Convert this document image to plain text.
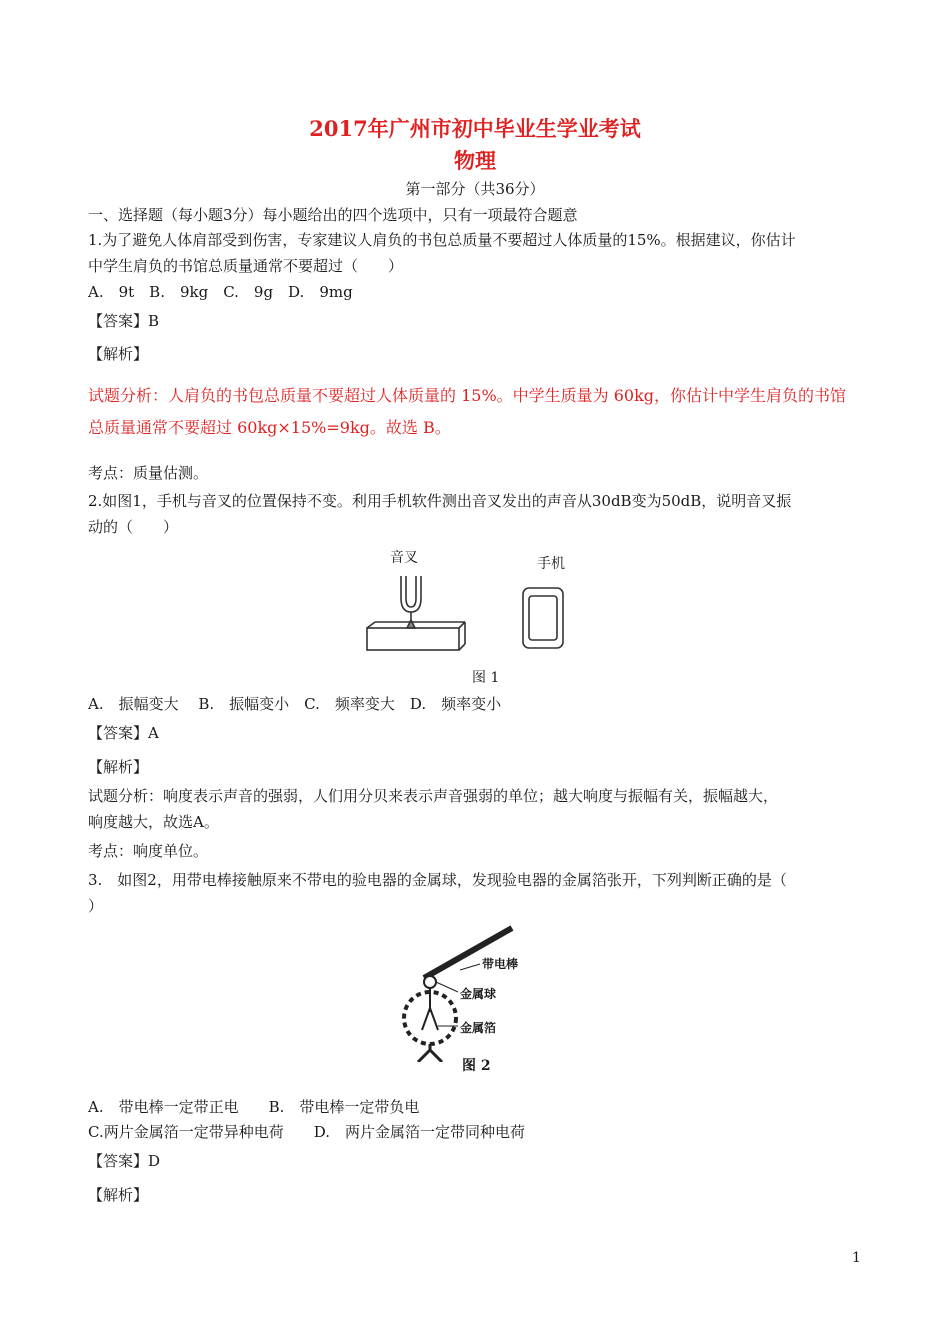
2017年广州市初中毕业生学业考试
物理
第一部分（共36分）
一、选择题（每小题3分）每小题给出的四个选项中，只有一项最符合题意
1.为了避免人体肩部受到伤害，专家建议人肩负的书包总质量不要超过人体质量的15%。根据建议，你估计
中学生肩负的书馆总质量通常不要超过（　　）
A.　9t　B.　9kg　C.　9g　D.　9mg
【答案】B
【解析】
试题分析：人肩负的书包总质量不要超过人体质量的 15%。中学生质量为 60kg，你估计中学生肩负的书馆
总质量通常不要超过 60kg×15%=9kg。故选 B。
考点：质量估测。
2.如图1，手机与音叉的位置保持不变。利用手机软件测出音叉发出的声音从30dB变为50dB，说明音叉振
动的（　　）
音叉	手机
图 1
A.　振幅变大　 B.　振幅变小　C.　频率变大　D.　频率变小
【答案】A
【解析】
试题分析：响度表示声音的强弱，人们用分贝来表示声音强弱的单位；越大响度与振幅有关，振幅越大，
响度越大，故选A。
考点：响度单位。
3.　如图2，用带电棒接触原来不带电的验电器的金属球，发现验电器的金属箔张开，下列判断正确的是（
）
带电棒
金属球
金属箔
图 2
A.　带电棒一定带正电　　B.　带电棒一定带负电
C.两片金属箔一定带异种电荷　　D.　两片金属箔一定带同种电荷
【答案】D
【解析】
1
